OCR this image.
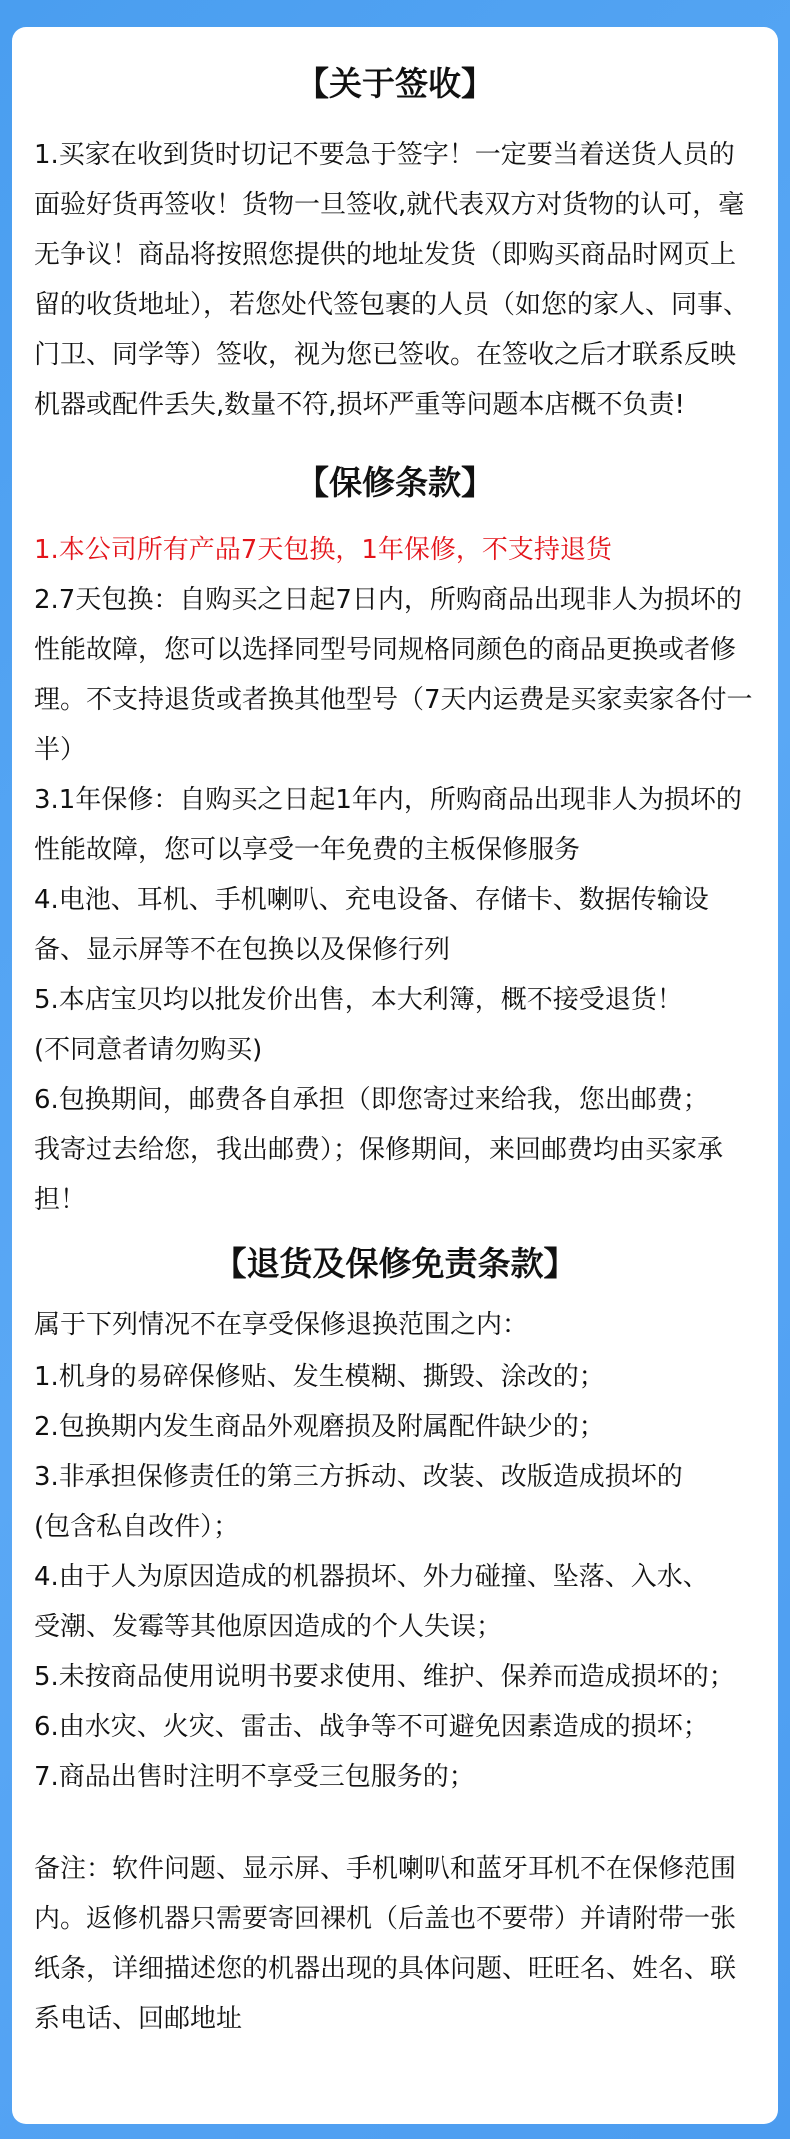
【关于签收】

1.买家在收到货时切记不要急于签字！一定要当着送货人员的面验好货再签收！货物一旦签收,就代表双方对货物的认可，毫无争议！商品将按照您提供的地址发货（即购买商品时网页上留的收货地址），若您处代签包裹的人员（如您的家人、同事、门卫、同学等）签收，视为您已签收。在签收之后才联系反映机器或配件丢失,数量不符,损坏严重等问题本店概不负责!

【保修条款】

1.本公司所有产品7天包换，1年保修，不支持退货

2.7天包换：自购买之日起7日内，所购商品出现非人为损坏的性能故障，您可以选择同型号同规格同颜色的商品更换或者修理。不支持退货或者换其他型号（7天内运费是买家卖家各付一半）

3.1年保修：自购买之日起1年内，所购商品出现非人为损坏的性能故障，您可以享受一年免费的主板保修服务

4.电池、耳机、手机喇叭、充电设备、存储卡、数据传输设备、显示屏等不在包换以及保修行列

5.本店宝贝均以批发价出售，本大利簿，概不接受退货！

(不同意者请勿购买)

6.包换期间，邮费各自承担（即您寄过来给我，您出邮费；

我寄过去给您，我出邮费）；保修期间，来回邮费均由买家承担！

【退货及保修免责条款】

属于下列情况不在享受保修退换范围之内：

1.机身的易碎保修贴、发生模糊、撕毁、涂改的；

2.包换期内发生商品外观磨损及附属配件缺少的；

3.非承担保修责任的第三方拆动、改装、改版造成损坏的

(包含私自改件）；

4.由于人为原因造成的机器损坏、外力碰撞、坠落、入水、

受潮、发霉等其他原因造成的个人失误；

5.未按商品使用说明书要求使用、维护、保养而造成损坏的；

6.由水灾、火灾、雷击、战争等不可避免因素造成的损坏；

7.商品出售时注明不享受三包服务的；

备注：软件问题、显示屏、手机喇叭和蓝牙耳机不在保修范围内。返修机器只需要寄回裸机（后盖也不要带）并请附带一张纸条，详细描述您的机器出现的具体问题、旺旺名、姓名、联系电话、回邮地址
